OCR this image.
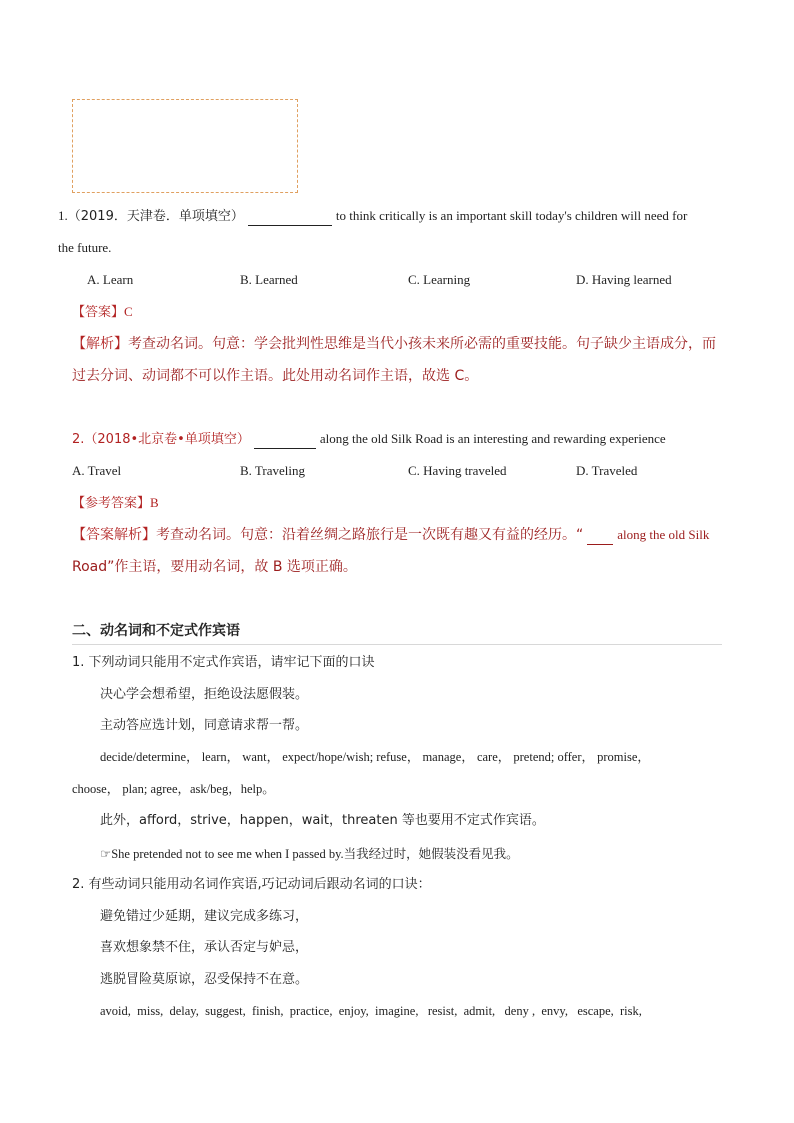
1.（2019．天津卷．单项填空）	to think critically is an important skill today's children will need for
the future.
A. Learn	B. Learned	C. Learning	D. Having learned
【答案】C
【解析】考查动名词。句意：学会批判性思维是当代小孩未来所必需的重要技能。句子缺少主语成分，而
过去分词、动词都不可以作主语。此处用动名词作主语，故选 C。
2.（2018•北京卷•单项填空）	along the old Silk Road is an interesting and rewarding experience
A. Travel	B. Traveling	C. Having traveled	D. Traveled
【参考答案】B
【答案解析】考查动名词。句意：沿着丝绸之路旅行是一次既有趣又有益的经历。“	along the old Silk
Road”作主语，要用动名词，故 B 选项正确。
二、动名词和不定式作宾语
1. 下列动词只能用不定式作宾语，请牢记下面的口诀
决心学会想希望，拒绝设法愿假装。
主动答应选计划，同意请求帮一帮。
decide/determine， learn， want， expect/hope/wish; refuse， manage， care， pretend; offer， promise，
choose， plan; agree，ask/beg，help。
此外，afford，strive，happen，wait，threaten 等也要用不定式作宾语。
☞She pretended not to see me when I passed by.当我经过时，她假装没看见我。
2. 有些动词只能用动名词作宾语,巧记动词后跟动名词的口诀：
避免错过少延期，建议完成多练习，
喜欢想象禁不住，承认否定与妒忌，
逃脱冒险莫原谅，忍受保持不在意。
avoid,  miss,  delay,  suggest,  finish,  practice,  enjoy,  imagine,   resist,  admit,   deny ,  envy,   escape,  risk,
